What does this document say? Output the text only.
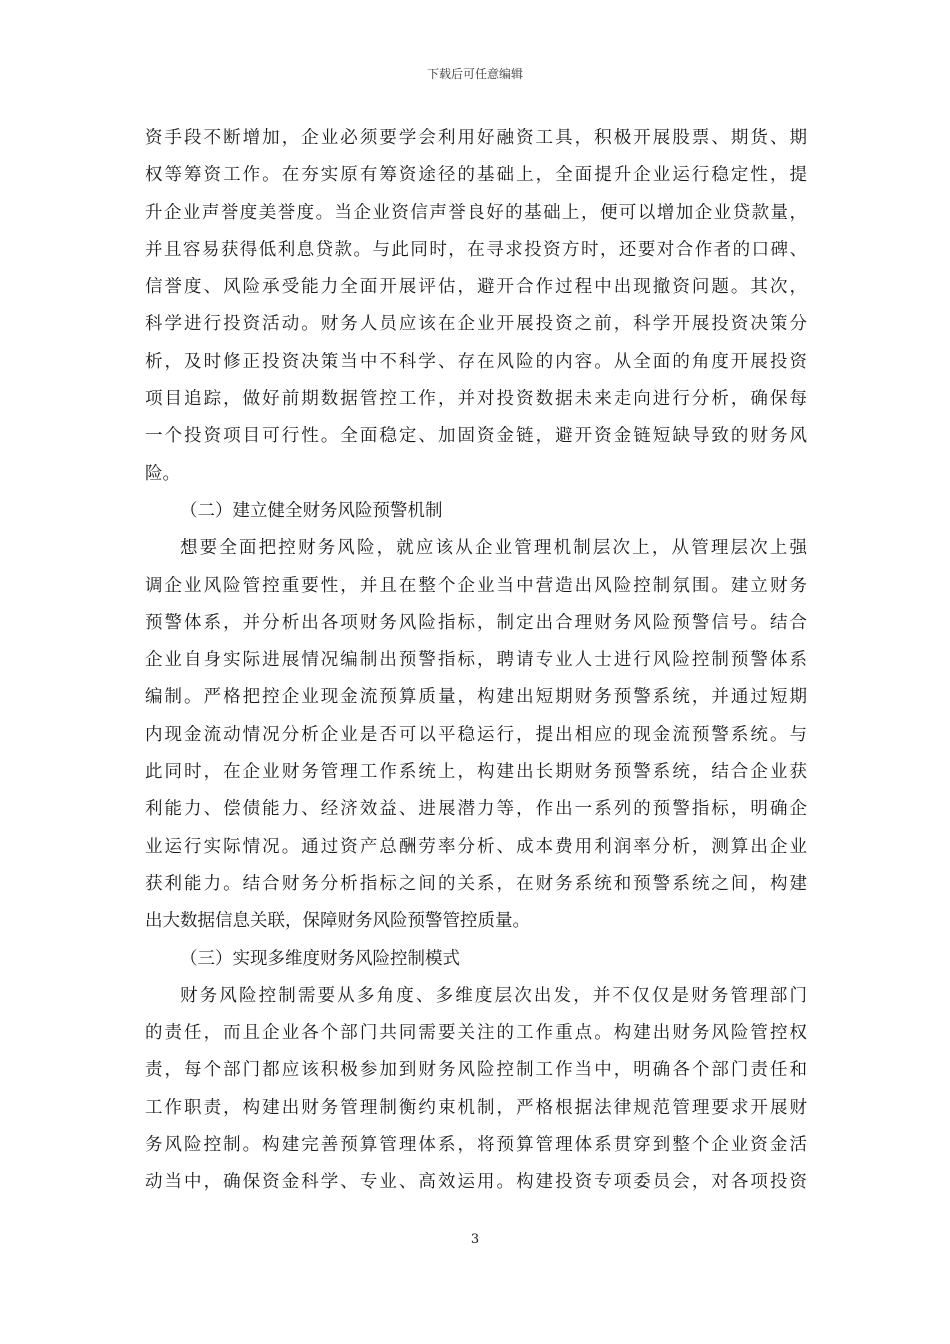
下载后可任意编辑
资手段不断增加，企业必须要学会利用好融资工具，积极开展股票、期货、期
权等筹资工作。在夯实原有筹资途径的基础上，全面提升企业运行稳定性，提
升企业声誉度美誉度。当企业资信声誉良好的基础上，便可以增加企业贷款量，
并且容易获得低利息贷款。与此同时，在寻求投资方时，还要对合作者的口碑、
信誉度、风险承受能力全面开展评估，避开合作过程中出现撤资问题。其次，
科学进行投资活动。财务人员应该在企业开展投资之前，科学开展投资决策分
析，及时修正投资决策当中不科学、存在风险的内容。从全面的角度开展投资
项目追踪，做好前期数据管控工作，并对投资数据未来走向进行分析，确保每
一个投资项目可行性。全面稳定、加固资金链，避开资金链短缺导致的财务风
险。
（二）建立健全财务风险预警机制
想要全面把控财务风险，就应该从企业管理机制层次上，从管理层次上强
调企业风险管控重要性，并且在整个企业当中营造出风险控制氛围。建立财务
预警体系，并分析出各项财务风险指标，制定出合理财务风险预警信号。结合
企业自身实际进展情况编制出预警指标，聘请专业人士进行风险控制预警体系
编制。严格把控企业现金流预算质量，构建出短期财务预警系统，并通过短期
内现金流动情况分析企业是否可以平稳运行，提出相应的现金流预警系统。与
此同时，在企业财务管理工作系统上，构建出长期财务预警系统，结合企业获
利能力、偿债能力、经济效益、进展潜力等，作出一系列的预警指标，明确企
业运行实际情况。通过资产总酬劳率分析、成本费用利润率分析，测算出企业
获利能力。结合财务分析指标之间的关系，在财务系统和预警系统之间，构建
出大数据信息关联，保障财务风险预警管控质量。
（三）实现多维度财务风险控制模式
财务风险控制需要从多角度、多维度层次出发，并不仅仅是财务管理部门
的责任，而且企业各个部门共同需要关注的工作重点。构建出财务风险管控权
责，每个部门都应该积极参加到财务风险控制工作当中，明确各个部门责任和
工作职责，构建出财务管理制衡约束机制，严格根据法律规范管理要求开展财
务风险控制。构建完善预算管理体系，将预算管理体系贯穿到整个企业资金活
动当中，确保资金科学、专业、高效运用。构建投资专项委员会，对各项投资
3
